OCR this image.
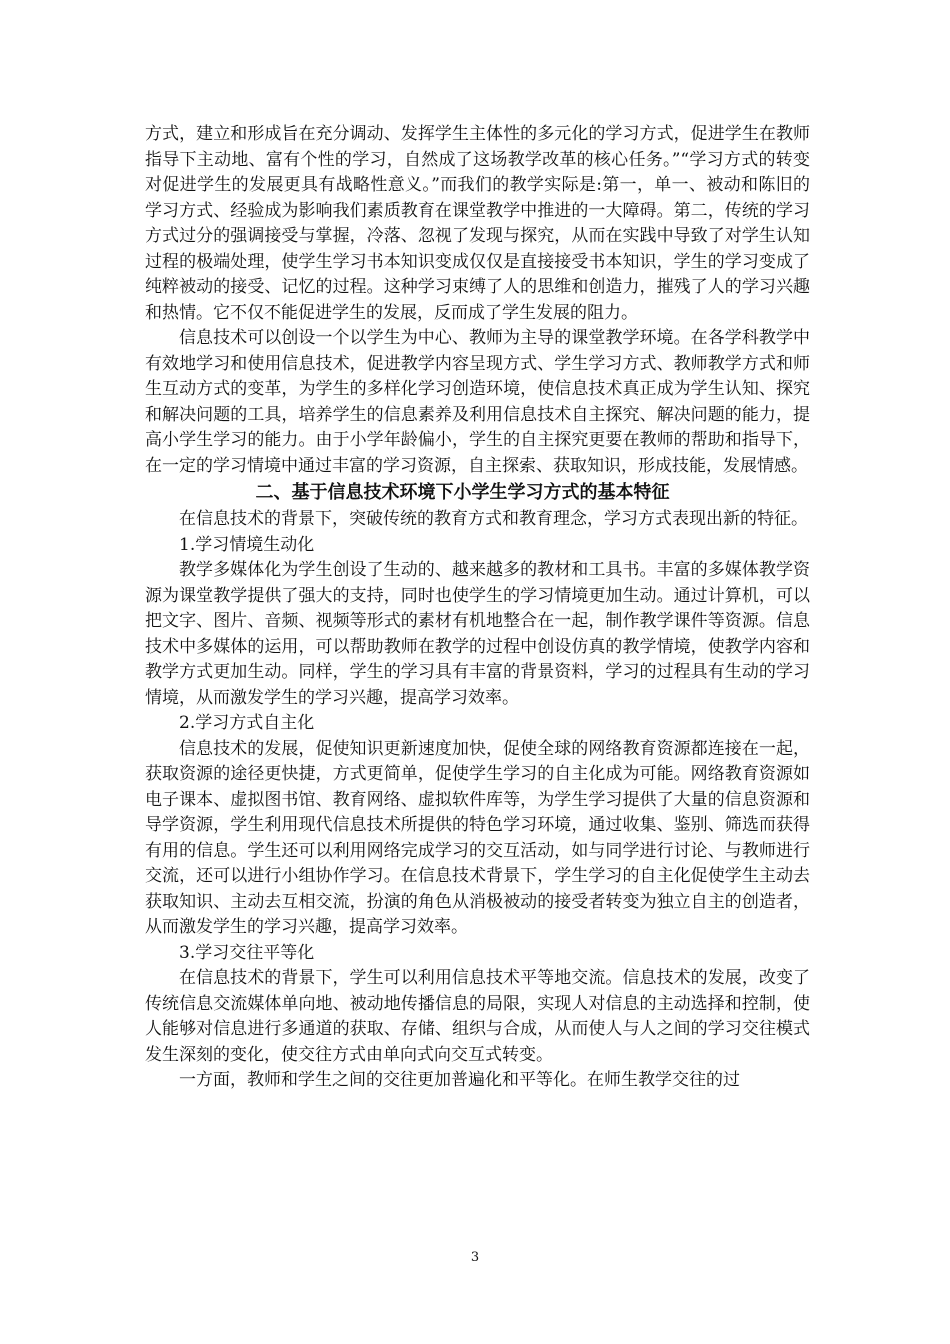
方式，建立和形成旨在充分调动、发挥学生主体性的多元化的学习方式，促进学生在教师指导下主动地、富有个性的学习，自然成了这场教学改革的核心任务。”“学习方式的转变对促进学生的发展更具有战略性意义。”而我们的教学实际是:第一，单一、被动和陈旧的学习方式、经验成为影响我们素质教育在课堂教学中推进的一大障碍。第二，传统的学习方式过分的强调接受与掌握，冷落、忽视了发现与探究，从而在实践中导致了对学生认知过程的极端处理，使学生学习书本知识变成仅仅是直接接受书本知识，学生的学习变成了纯粹被动的接受、记忆的过程。这种学习束缚了人的思维和创造力，摧残了人的学习兴趣和热情。它不仅不能促进学生的发展，反而成了学生发展的阻力。

信息技术可以创设一个以学生为中心、教师为主导的课堂教学环境。在各学科教学中有效地学习和使用信息技术，促进教学内容呈现方式、学生学习方式、教师教学方式和师生互动方式的变革，为学生的多样化学习创造环境，使信息技术真正成为学生认知、探究和解决问题的工具，培养学生的信息素养及利用信息技术自主探究、解决问题的能力，提高小学生学习的能力。由于小学年龄偏小，学生的自主探究更要在教师的帮助和指导下，在一定的学习情境中通过丰富的学习资源，自主探索、获取知识，形成技能，发展情感。

二、基于信息技术环境下小学生学习方式的基本特征

在信息技术的背景下，突破传统的教育方式和教育理念，学习方式表现出新的特征。

1.学习情境生动化

教学多媒体化为学生创设了生动的、越来越多的教材和工具书。丰富的多媒体教学资源为课堂教学提供了强大的支持，同时也使学生的学习情境更加生动。通过计算机，可以把文字、图片、音频、视频等形式的素材有机地整合在一起，制作教学课件等资源。信息技术中多媒体的运用，可以帮助教师在教学的过程中创设仿真的教学情境，使教学内容和教学方式更加生动。同样，学生的学习具有丰富的背景资料，学习的过程具有生动的学习情境，从而激发学生的学习兴趣，提高学习效率。

2.学习方式自主化

信息技术的发展，促使知识更新速度加快，促使全球的网络教育资源都连接在一起，获取资源的途径更快捷，方式更简单，促使学生学习的自主化成为可能。网络教育资源如电子课本、虚拟图书馆、教育网络、虚拟软件库等，为学生学习提供了大量的信息资源和导学资源，学生利用现代信息技术所提供的特色学习环境，通过收集、鉴别、筛选而获得有用的信息。学生还可以利用网络完成学习的交互活动，如与同学进行讨论、与教师进行交流，还可以进行小组协作学习。在信息技术背景下，学生学习的自主化促使学生主动去获取知识、主动去互相交流，扮演的角色从消极被动的接受者转变为独立自主的创造者，从而激发学生的学习兴趣，提高学习效率。

3.学习交往平等化

在信息技术的背景下，学生可以利用信息技术平等地交流。信息技术的发展，改变了传统信息交流媒体单向地、被动地传播信息的局限，实现人对信息的主动选择和控制，使人能够对信息进行多通道的获取、存储、组织与合成，从而使人与人之间的学习交往模式发生深刻的变化，使交往方式由单向式向交互式转变。

一方面，教师和学生之间的交往更加普遍化和平等化。在师生教学交往的过

3
